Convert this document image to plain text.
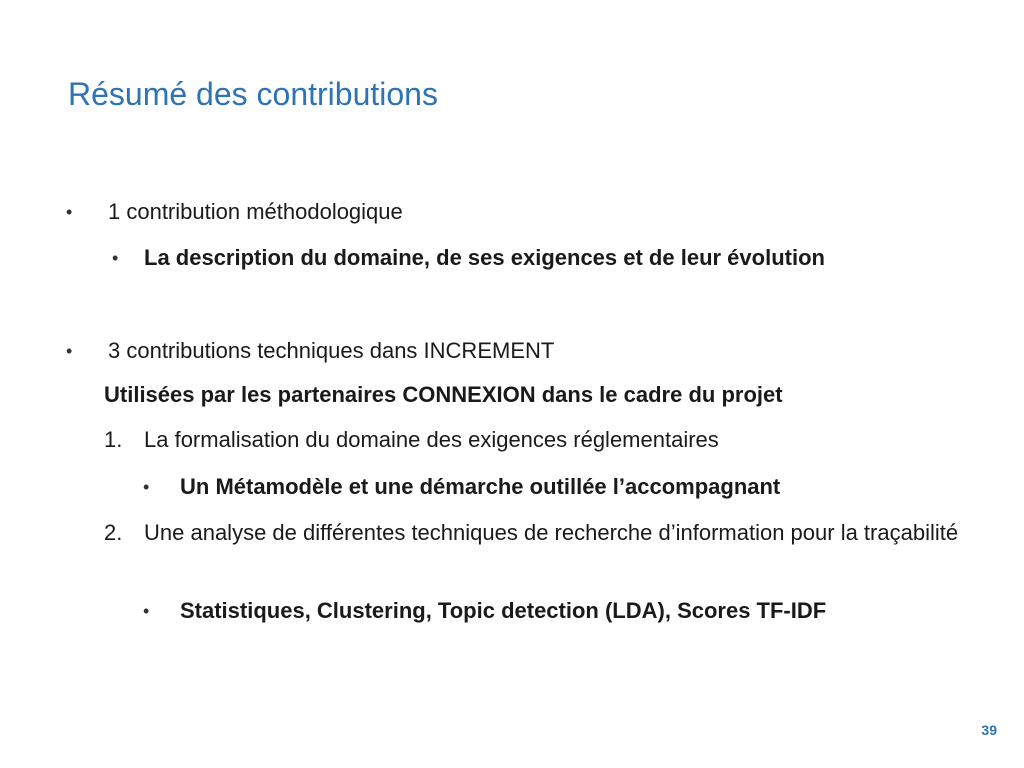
Résumé des contributions
• 1 contribution méthodologique
• La description du domaine, de ses exigences et de leur évolution
• 3 contributions techniques dans INCREMENT
Utilisées par les partenaires CONNEXION dans le cadre du projet
1. La formalisation du domaine des exigences réglementaires
• Un Métamodèle et une démarche outillée l’accompagnant
2. Une analyse de différentes techniques de recherche d’information pour la traçabilité
• Statistiques, Clustering, Topic detection (LDA), Scores TF-IDF
39
